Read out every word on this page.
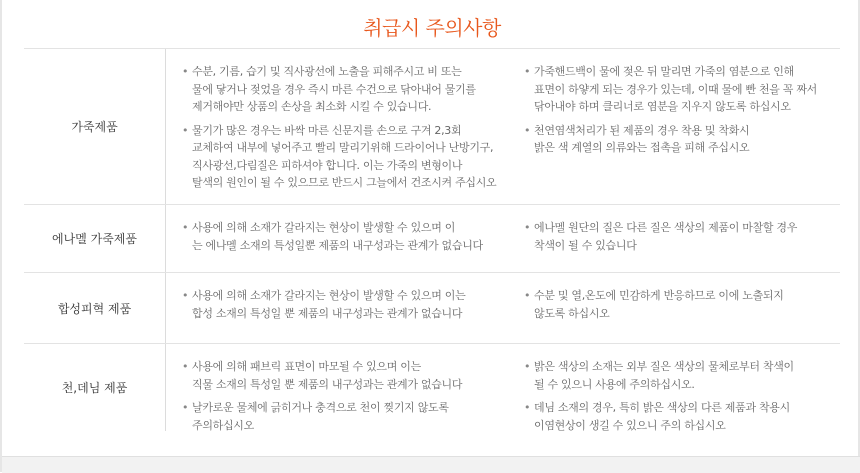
취급시 주의사항
가죽제품
• 수분, 기름, 습기 및 직사광선에 노출을 피해주시고 비 또는
물에 닿거나 젖었을 경우 즉시 마른 수건으로 닦아내어 물기를
제거해야만 상품의 손상을 최소화 시킬 수 있습니다.
• 물기가 많은 경우는 바싹 마른 신문지를 손으로 구겨 2,3회
교체하여 내부에 넣어주고 빨리 말리기위해 드라이어나 난방기구,
직사광선,다림질은 피하셔야 합니다. 이는 가죽의 변형이나
탈색의 원인이 될 수 있으므로 반드시 그늘에서 건조시켜 주십시오
• 가죽핸드백이 물에 젖은 뒤 말리면 가죽의 염분으로 인해
표면이 하얗게 되는 경우가 있는데, 이때 물에 빤 천을 꼭 짜서
닦아내야 하며 클리너로 염분을 지우지 않도록 하십시오
• 천연염색처리가 된 제품의 경우 착용 및 착화시
밝은 색 계열의 의류와는 접촉을 피해 주십시오
에나멜 가죽제품
• 사용에 의해 소재가 갈라지는 현상이 발생할 수 있으며 이
는 에나멜 소재의 특성일뿐 제품의 내구성과는 관계가 없습니다
• 에나멜 원단의 질은 다른 질은 색상의 제품이 마찰할 경우
착색이 될 수 있습니다
합성피혁 제품
• 사용에 의해 소재가 갈라지는 현상이 발생할 수 있으며 이는
합성 소재의 특성일 뿐 제품의 내구성과는 관계가 없습니다
• 수분 및 열,온도에 민감하게 반응하므로 이에 노출되지
않도록 하십시오
천,데님 제품
• 사용에 의해 패브릭 표면이 마모될 수 있으며 이는
직물 소재의 특성일 뿐 제품의 내구성과는 관계가 없습니다
• 날카로운 물체에 긁히거나 충격으로 천이 찢기지 않도록
주의하십시오
• 밝은 색상의 소재는 외부 질은 색상의 물체로부터 착색이
될 수 있으니 사용에 주의하십시오.
• 데님 소재의 경우, 특히 밝은 색상의 다른 제품과 착용시
이염현상이 생길 수 있으니 주의 하십시오
